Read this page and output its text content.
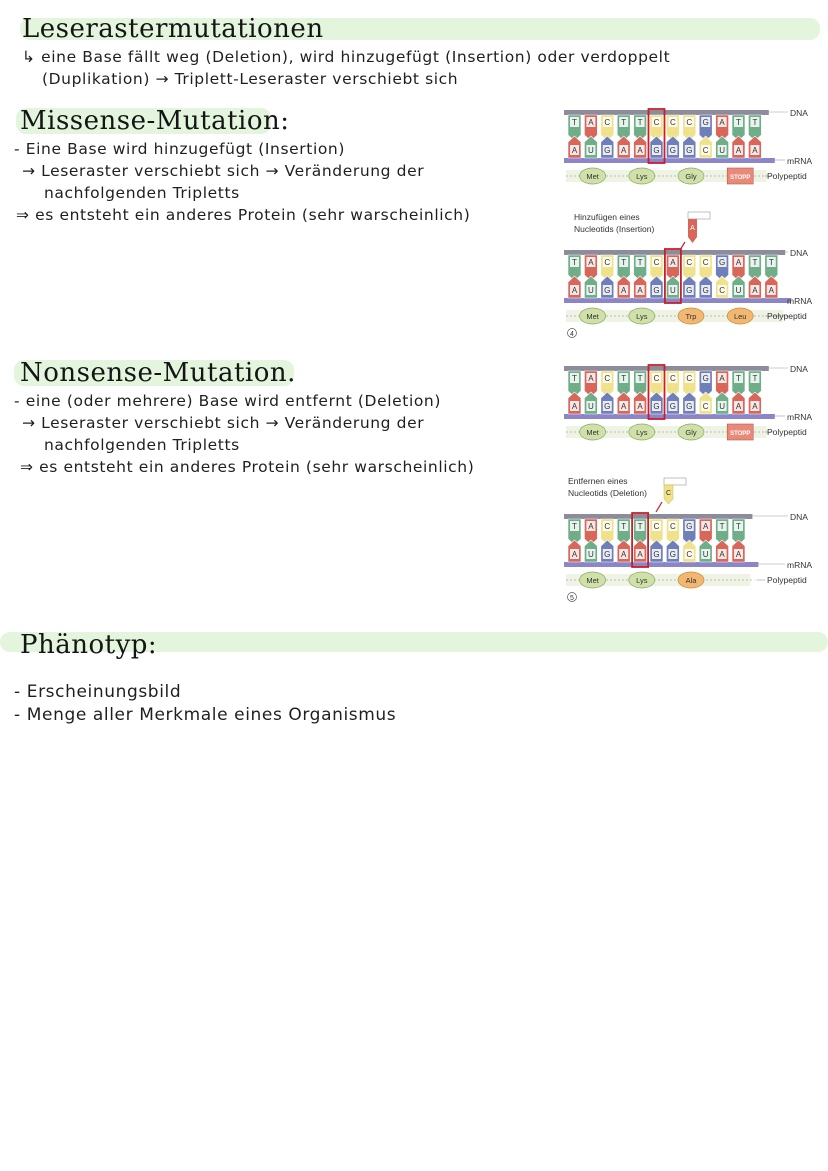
Leserastermutationen
↳ eine Base fällt weg (Deletion), wird hinzugefügt (Insertion) oder verdoppelt
(Duplikation) → Triplett-Leseraster verschiebt sich
Missense-Mutation:
- Eine Base wird hinzugefügt (Insertion)
→ Leseraster verschiebt sich → Veränderung der
nachfolgenden Tripletts
⇒ es entsteht ein anderes Protein (sehr warscheinlich)
Nonsense-Mutation.
- eine (oder mehrere) Base wird entfernt (Deletion)
→ Leseraster verschiebt sich → Veränderung der
nachfolgenden Tripletts
⇒ es entsteht ein anderes Protein (sehr warscheinlich)
Phänotyp:
- Erscheinungsbild
- Menge aller Merkmale eines Organismus
DNA
mRNA
T
A
A
U
C
G
T
A
T
A
C
G
C
G
C
G
G
C
A
U
T
A
T
A
Met	Lys	Gly	STOPP Polypeptid
Hinzufügen eines
Nucleotids (Insertion)	A
DNA
mRNA
T
A
A
U
C
G
T
A
T
A
C
G
A
U
C
G
C
G
G
C
A
U
T
A
T
A
Met	Lys	Trp	Leu Polypeptid
4
DNA
mRNA
T
A
A
U
C
G
T
A
T
A
C
G
C
G
C
G
G
C
A
U
T
A
T
A
Met	Lys	Gly	STOPP Polypeptid
Entfernen eines
Nucleotids (Deletion)	C
DNA
mRNA
T
A
A
U
C
G
T
A
T
A
C
G
C
G
G
C
A
U
T
A
T
A
Met	Lys	Ala	Polypeptid
5
